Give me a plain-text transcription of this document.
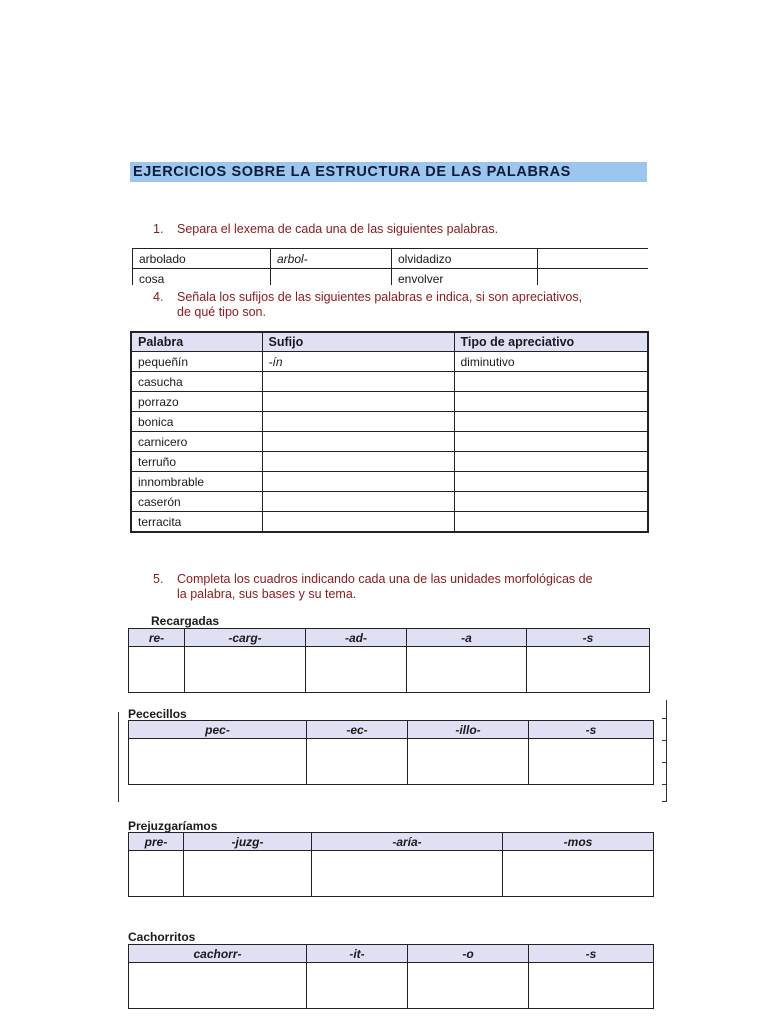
EJERCICIOS SOBRE LA ESTRUCTURA DE LAS PALABRAS
1. Separa el lexema de cada una de las siguientes palabras.
arbolado	arbol-	olvidadizo	
cosa		envolver	
4. Señala los sufijos de las siguientes palabras e indica, si son apreciativos,
de qué tipo son.
Palabra	Sufijo	Tipo de apreciativo
pequeñín	-ín	diminutivo
casucha		
porrazo		
bonica		
carnicero		
terruño		
innombrable		
caserón		
terracita		
5. Completa los cuadros indicando cada una de las unidades morfológicas de
la palabra, sus bases y su tema.
Recargadas
re-	-carg-	-ad-	-a	-s

Pececillos
pec-	-ec-	-illo-	-s

Prejuzgaríamos
pre-	-juzg-	-aría-	-mos

Cachorritos
cachorr-	-it-	-o	-s
